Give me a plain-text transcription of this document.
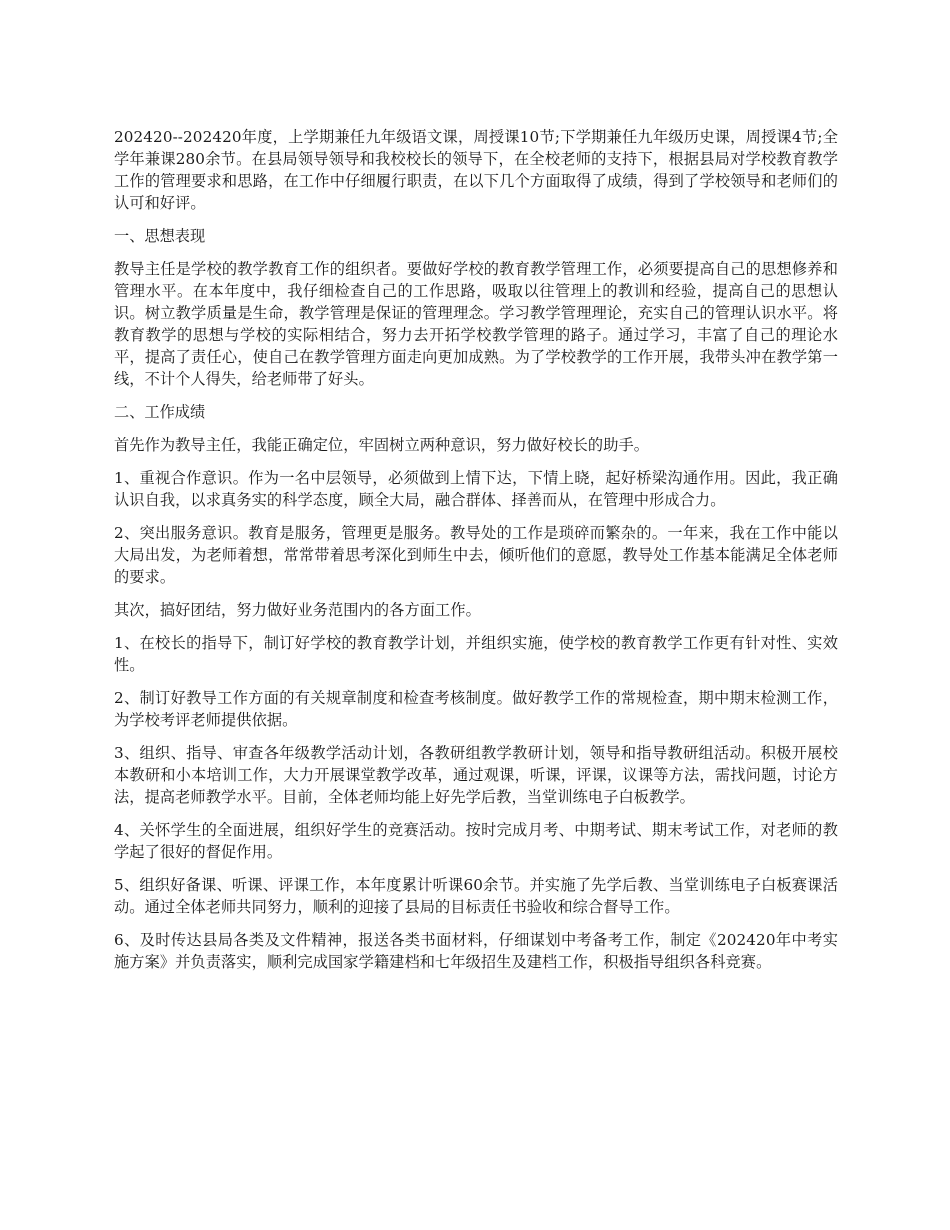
202420--202420年度，上学期兼任九年级语文课，周授课10节;下学期兼任九年级历史课，周授课4节;全学年兼课280余节。在县局领导领导和我校校长的领导下，在全校老师的支持下，根据县局对学校教育教学工作的管理要求和思路，在工作中仔细履行职责，在以下几个方面取得了成绩，得到了学校领导和老师们的认可和好评。

一、思想表现

教导主任是学校的教学教育工作的组织者。要做好学校的教育教学管理工作，必须要提高自己的思想修养和管理水平。在本年度中，我仔细检查自己的工作思路，吸取以往管理上的教训和经验，提高自己的思想认识。树立教学质量是生命，教学管理是保证的管理理念。学习教学管理理论，充实自己的管理认识水平。将教育教学的思想与学校的实际相结合，努力去开拓学校教学管理的路子。通过学习，丰富了自己的理论水平，提高了责任心，使自己在教学管理方面走向更加成熟。为了学校教学的工作开展，我带头冲在教学第一线，不计个人得失，给老师带了好头。

二、工作成绩

首先作为教导主任，我能正确定位，牢固树立两种意识，努力做好校长的助手。

1、重视合作意识。作为一名中层领导，必须做到上情下达，下情上晓，起好桥梁沟通作用。因此，我正确认识自我，以求真务实的科学态度，顾全大局，融合群体、择善而从，在管理中形成合力。

2、突出服务意识。教育是服务，管理更是服务。教导处的工作是琐碎而繁杂的。一年来，我在工作中能以大局出发，为老师着想，常常带着思考深化到师生中去，倾听他们的意愿，教导处工作基本能满足全体老师的要求。

其次，搞好团结，努力做好业务范围内的各方面工作。

1、在校长的指导下，制订好学校的教育教学计划，并组织实施，使学校的教育教学工作更有针对性、实效性。

2、制订好教导工作方面的有关规章制度和检查考核制度。做好教学工作的常规检查，期中期末检测工作，为学校考评老师提供依据。

3、组织、指导、审查各年级教学活动计划，各教研组教学教研计划，领导和指导教研组活动。积极开展校本教研和小本培训工作，大力开展课堂教学改革，通过观课，听课，评课，议课等方法，需找问题，讨论方法，提高老师教学水平。目前，全体老师均能上好先学后教，当堂训练电子白板教学。

4、关怀学生的全面进展，组织好学生的竞赛活动。按时完成月考、中期考试、期末考试工作，对老师的教学起了很好的督促作用。

5、组织好备课、听课、评课工作，本年度累计听课60余节。并实施了先学后教、当堂训练电子白板赛课活动。通过全体老师共同努力，顺利的迎接了县局的目标责任书验收和综合督导工作。

6、及时传达县局各类及文件精神，报送各类书面材料，仔细谋划中考备考工作，制定《202420年中考实施方案》并负责落实，顺利完成国家学籍建档和七年级招生及建档工作，积极指导组织各科竞赛。
